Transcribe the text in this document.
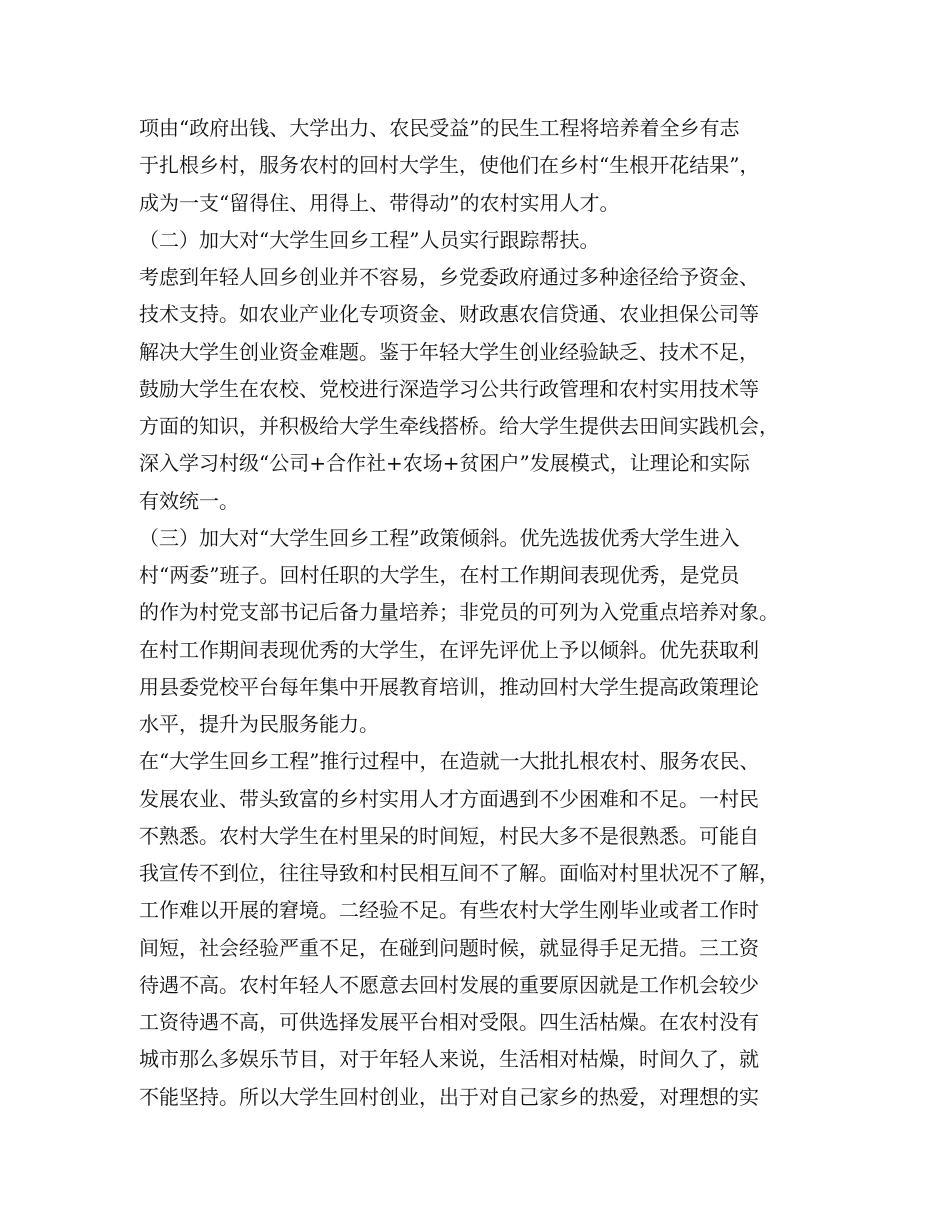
项由“政府出钱、大学出力、农民受益”的民生工程将培养着全乡有志
于扎根乡村，服务农村的回村大学生，使他们在乡村“生根开花结果”，
成为一支“留得住、用得上、带得动”的农村实用人才。
（二）加大对“大学生回乡工程”人员实行跟踪帮扶。
考虑到年轻人回乡创业并不容易，乡党委政府通过多种途径给予资金、
技术支持。如农业产业化专项资金、财政惠农信贷通、农业担保公司等
解决大学生创业资金难题。鉴于年轻大学生创业经验缺乏、技术不足，
鼓励大学生在农校、党校进行深造学习公共行政管理和农村实用技术等
方面的知识，并积极给大学生牵线搭桥。给大学生提供去田间实践机会，
深入学习村级“公司+合作社+农场+贫困户”发展模式，让理论和实际
有效统一。
（三）加大对“大学生回乡工程”政策倾斜。优先选拔优秀大学生进入
村“两委”班子。回村任职的大学生，在村工作期间表现优秀，是党员
的作为村党支部书记后备力量培养；非党员的可列为入党重点培养对象。
在村工作期间表现优秀的大学生，在评先评优上予以倾斜。优先获取利
用县委党校平台每年集中开展教育培训，推动回村大学生提高政策理论
水平，提升为民服务能力。
在“大学生回乡工程”推行过程中，在造就一大批扎根农村、服务农民、
发展农业、带头致富的乡村实用人才方面遇到不少困难和不足。一村民
不熟悉。农村大学生在村里呆的时间短，村民大多不是很熟悉。可能自
我宣传不到位，往往导致和村民相互间不了解。面临对村里状况不了解，
工作难以开展的窘境。二经验不足。有些农村大学生刚毕业或者工作时
间短，社会经验严重不足，在碰到问题时候，就显得手足无措。三工资
待遇不高。农村年轻人不愿意去回村发展的重要原因就是工作机会较少
工资待遇不高，可供选择发展平台相对受限。四生活枯燥。在农村没有
城市那么多娱乐节目，对于年轻人来说，生活相对枯燥，时间久了，就
不能坚持。所以大学生回村创业，出于对自己家乡的热爱，对理想的实
